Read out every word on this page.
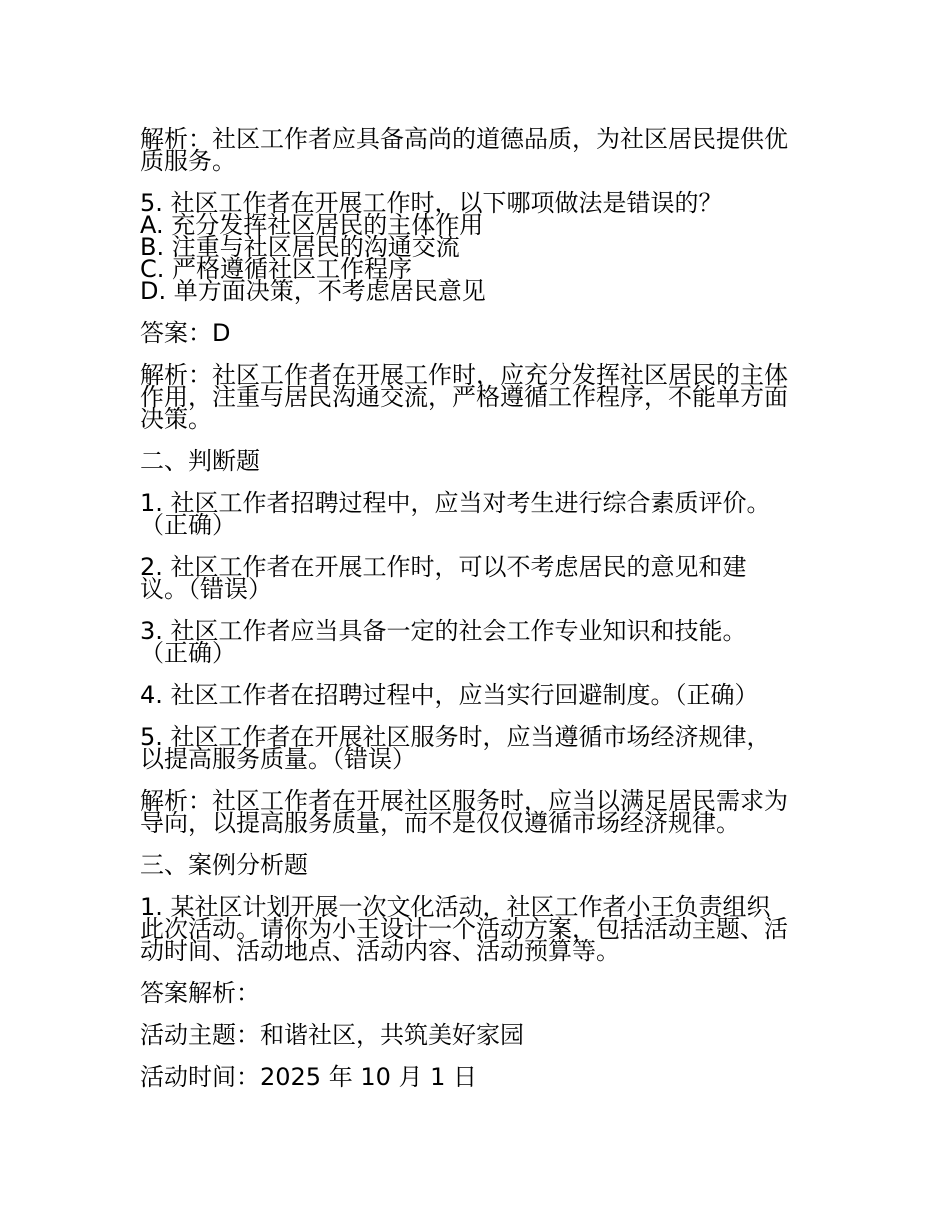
解析：社区工作者应具备高尚的道德品质，为社区居民提供优
质服务。

5. 社区工作者在开展工作时，以下哪项做法是错误的？

A. 充分发挥社区居民的主体作用
B. 注重与社区居民的沟通交流
C. 严格遵循社区工作程序
D. 单方面决策，不考虑居民意见

答案：D

解析：社区工作者在开展工作时，应充分发挥社区居民的主体
作用，注重与居民沟通交流，严格遵循工作程序，不能单方面
决策。

二、判断题

1. 社区工作者招聘过程中，应当对考生进行综合素质评价。
（正确）

2. 社区工作者在开展工作时，可以不考虑居民的意见和建
议。（错误）

3. 社区工作者应当具备一定的社会工作专业知识和技能。
（正确）

4. 社区工作者在招聘过程中，应当实行回避制度。（正确）

5. 社区工作者在开展社区服务时，应当遵循市场经济规律，
以提高服务质量。（错误）

解析：社区工作者在开展社区服务时，应当以满足居民需求为
导向，以提高服务质量，而不是仅仅遵循市场经济规律。

三、案例分析题

1. 某社区计划开展一次文化活动，社区工作者小王负责组织
此次活动。请你为小王设计一个活动方案，包括活动主题、活
动时间、活动地点、活动内容、活动预算等。

答案解析：

活动主题：和谐社区，共筑美好家园

活动时间：2025 年 10 月 1 日
